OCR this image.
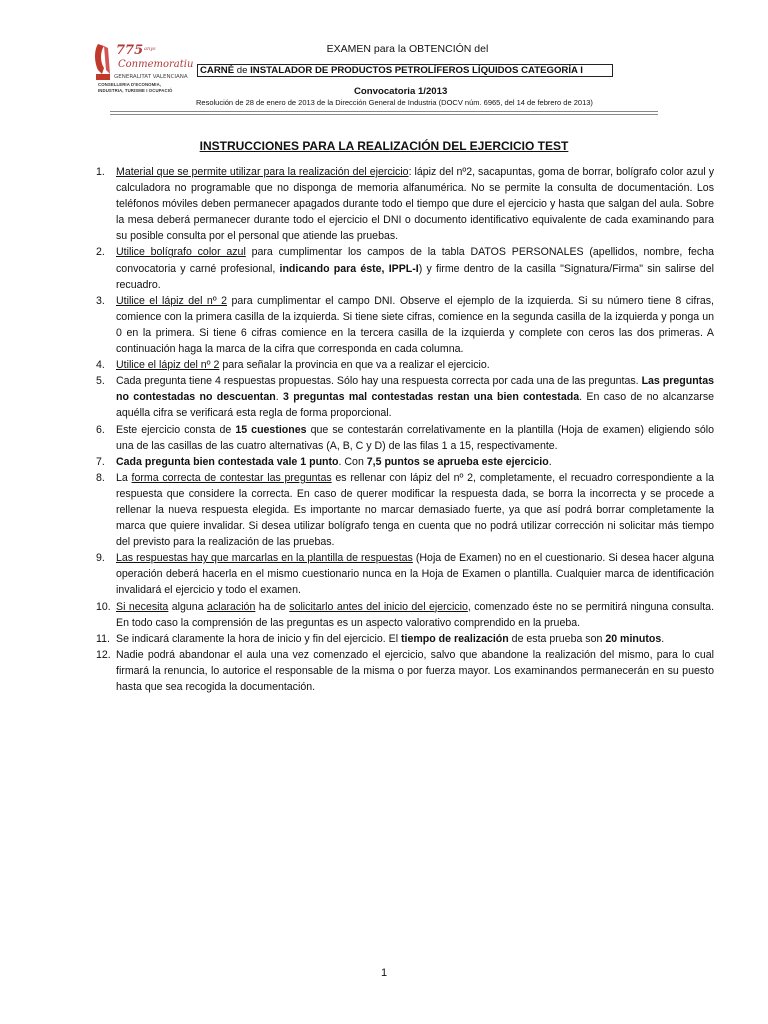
775 anys
Conmemoratiu
GENERALITAT VALENCIANA
CONSELLERIA D'ECONOMIA,
INDUSTRIA, TURISME I OCUPACIÓ
EXAMEN para la OBTENCIÓN del
CARNÉ de INSTALADOR DE PRODUCTOS PETROLÍFEROS LÍQUIDOS CATEGORÍA I
Convocatoria 1/2013
Resolución de 28 de enero de 2013 de la Dirección General de Industria (DOCV núm. 6965, del 14 de febrero de 2013)
INSTRUCCIONES PARA LA REALIZACIÓN DEL EJERCICIO TEST
1.	Material que se permite utilizar para la realización del ejercicio: lápiz del nº2, sacapuntas, goma de borrar, bolígrafo color azul y calculadora no programable que no disponga de memoria alfanumérica. No se permite la consulta de documentación. Los teléfonos móviles deben permanecer apagados durante todo el tiempo que dure el ejercicio y hasta que salgan del aula. Sobre la mesa deberá permanecer durante todo el ejercicio el DNI o documento identificativo equivalente de cada examinando para su posible consulta por el personal que atiende las pruebas.
2.	Utilice bolígrafo color azul para cumplimentar los campos de la tabla DATOS PERSONALES (apellidos, nombre, fecha convocatoria y carné profesional, indicando para éste, IPPL-I) y firme dentro de la casilla "Signatura/Firma" sin salirse del recuadro.
3.	Utilice el lápiz del nº 2 para cumplimentar el campo DNI. Observe el ejemplo de la izquierda. Si su número tiene 8 cifras, comience con la primera casilla de la izquierda. Si tiene siete cifras, comience en la segunda casilla de la izquierda y ponga un 0 en la primera. Si tiene 6 cifras comience en la tercera casilla de la izquierda y complete con ceros las dos primeras. A continuación haga la marca de la cifra que corresponda en cada columna.
4.	Utilice el lápiz del nº 2 para señalar la provincia en que va a realizar el ejercicio.
5.	Cada pregunta tiene 4 respuestas propuestas. Sólo hay una respuesta correcta por cada una de las preguntas. Las preguntas no contestadas no descuentan. 3 preguntas mal contestadas restan una bien contestada. En caso de no alcanzarse aquélla cifra se verificará esta regla de forma proporcional.
6.	Este ejercicio consta de 15 cuestiones que se contestarán correlativamente en la plantilla (Hoja de examen) eligiendo sólo una de las casillas de las cuatro alternativas (A, B, C y D) de las filas 1 a 15, respectivamente.
7.	Cada pregunta bien contestada vale 1 punto. Con 7,5 puntos se aprueba este ejercicio.
8.	La forma correcta de contestar las preguntas es rellenar con lápiz del nº 2, completamente, el recuadro correspondiente a la respuesta que considere la correcta. En caso de querer modificar la respuesta dada, se borra la incorrecta y se procede a rellenar la nueva respuesta elegida. Es importante no marcar demasiado fuerte, ya que así podrá borrar completamente la marca que quiere invalidar. Si desea utilizar bolígrafo tenga en cuenta que no podrá utilizar corrección ni solicitar más tiempo del previsto para la realización de las pruebas.
9.	Las respuestas hay que marcarlas en la plantilla de respuestas (Hoja de Examen) no en el cuestionario. Si desea hacer alguna operación deberá hacerla en el mismo cuestionario nunca en la Hoja de Examen o plantilla. Cualquier marca de identificación invalidará el ejercicio y todo el examen.
10. Si necesita alguna aclaración ha de solicitarlo antes del inicio del ejercicio, comenzado éste no se permitirá ninguna consulta. En todo caso la comprensión de las preguntas es un aspecto valorativo comprendido en la prueba.
11. Se indicará claramente la hora de inicio y fin del ejercicio. El tiempo de realización de esta prueba son 20 minutos.
12. Nadie podrá abandonar el aula una vez comenzado el ejercicio, salvo que abandone la realización del mismo, para lo cual firmará la renuncia, lo autorice el responsable de la misma o por fuerza mayor. Los examinandos permanecerán en su puesto hasta que sea recogida la documentación.
1
